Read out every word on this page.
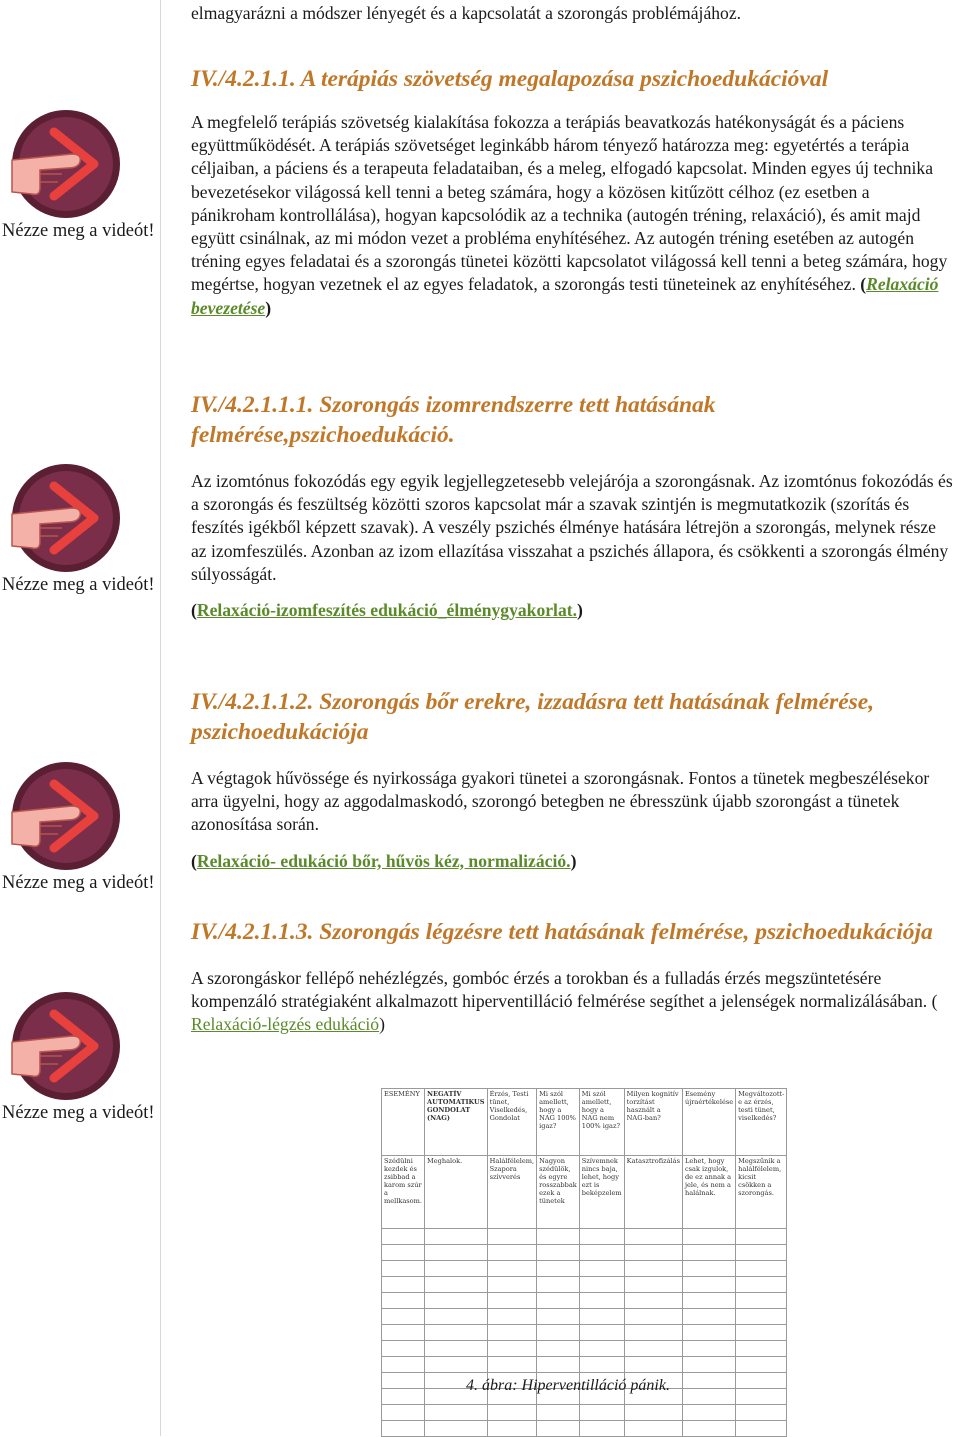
elmagyarázni a módszer lényegét és a kapcsolatát a szorongás problémájához.

Nézze meg a videót!
Nézze meg a videót!
Nézze meg a videót!
Nézze meg a videót!

IV./4.2.1.1. A terápiás szövetség megalapozása pszichoedukációval

A megfelelő terápiás szövetség kialakítása fokozza a terápiás beavatkozás hatékonyságát és a páciens együttműködését. A terápiás szövetséget leginkább három tényező határozza meg: egyetértés a terápia céljaiban, a páciens és a terapeuta feladataiban, és a meleg, elfogadó kapcsolat. Minden egyes új technika bevezetésekor világossá kell tenni a beteg számára, hogy a közösen kitűzött célhoz (ez esetben a pánikroham kontrollálása), hogyan kapcsolódik az a technika (autogén tréning, relaxáció), és amit majd együtt csinálnak, az mi módon vezet a probléma enyhítéséhez. Az autogén tréning esetében az autogén tréning egyes feladatai és a szorongás tünetei közötti kapcsolatot világossá kell tenni a beteg számára, hogy megértse, hogyan vezetnek el az egyes feladatok, a szorongás testi tüneteinek az enyhítéséhez. (Relaxáció bevezetése)

IV./4.2.1.1.1. Szorongás izomrendszerre tett hatásának felmérése,pszichoedukáció.

Az izomtónus fokozódás egy egyik legjellegzetesebb velejárója a szorongásnak. Az izomtónus fokozódás és a szorongás és feszültség közötti szoros kapcsolat már a szavak szintjén is megmutatkozik (szorítás és feszítés igékből képzett szavak). A veszély pszichés élménye hatására létrejön a szorongás, melynek része az izomfeszülés. Azonban az izom ellazítása visszahat a pszichés állapora, és csökkenti a szorongás élmény súlyosságát.

(Relaxáció-izomfeszítés edukáció_élménygyakorlat.)

IV./4.2.1.1.2. Szorongás bőr erekre, izzadásra tett hatásának felmérése, pszichoedukációja

A végtagok hűvössége és nyirkossága gyakori tünetei a szorongásnak. Fontos a tünetek megbeszélésekor arra ügyelni, hogy az aggodalmaskodó, szorongó betegben ne ébresszünk újabb szorongást a tünetek azonosítása során.

(Relaxáció- edukáció bőr, hűvös kéz, normalizáció.)

IV./4.2.1.1.3. Szorongás légzésre tett hatásának felmérése, pszichoedukációja

A szorongáskor fellépő nehézlégzés, gombóc érzés a torokban és a fulladás érzés megszüntetésére kompenzáló stratégiaként alkalmazott hiperventilláció felmérése segíthet a jelenségek normalizálásában. ( Relaxáció-légzés edukáció)

ESEMÉNY	NEGATÍV AUTOMATIKUS GONDOLAT (NAG)	Érzés, Testi tünet, Viselkedés, Gondolat	Mi szól amellett, hogy a NAG 100% igaz?	Mi szól amellett, hogy a NAG nem 100% igaz?	Milyen kognitív torzítást használt a NAG-ban?	Esemény újraértékelése	Megváltozott-e az érzés, testi tünet, viselkedés?
Szédülni kezdek és zsibbad a karom szúr a mellkasom.	Meghalok.	Halálfélelem, Szapora szívverés	Nagyon szédülök, és egyre rosszabbak ezek a tünetek	Szívemnek nincs baja, lehet, hogy ezt is beképzelem	Katasztrofizálás	Lehet, hogy csak izgulok, de ez annak a jele, és nem a halálnak.	Megszűnik a halálfélelem, kicsit csökken a szorongás.

4. ábra: Hiperventilláció pánik.
